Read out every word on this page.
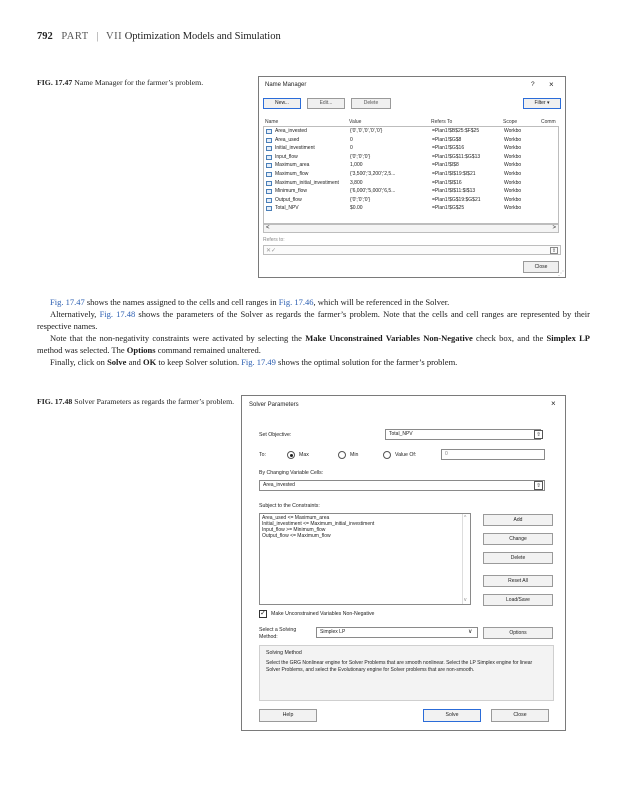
792 PART | VII Optimization Models and Simulation
FIG. 17.47 Name Manager for the farmer’s problem.	Name Manager	? ×
New...	Edit...	Delete	Filter ▾
Name	Value	Refers To	Scope	Comm
Area_invested	{'0','0','0','0','0'}	=Plan1!$B$25:$F$25	Workbo
Area_used	0	=Plan1!$G$8	Workbo
Initial_investiment	0	=Plan1!$G$16	Workbo
Input_flow	{'0';'0';'0'}	=Plan1!$G$11:$G$13	Workbo
Maximum_area	1,000	=Plan1!$I$8	Workbo
Maximum_flow	{'3,500';'3,200';'2,5...	=Plan1!$I$19:$I$21	Workbo
Maximum_initial_investiment	3,800	=Plan1!$I$16	Workbo
Minimum_flow	{'6,000';'5,000';'6,5...	=Plan1!$I$11:$I$13	Workbo
Output_flow	{'0';'0';'0'}	=Plan1!$G$19:$G$21	Workbo
Total_NPV	$0.00	=Plan1!$G$25	Workbo
<	>
Refers to:
✕✓	⇧
Close
⋰
Fig. 17.47 shows the names assigned to the cells and cell ranges in Fig. 17.46, which will be referenced in the Solver.
Alternatively, Fig. 17.48 shows the parameters of the Solver as regards the farmer’s problem. Note that the cells and cell ranges are represented by their respective names.
Note that the non-negativity constraints were activated by selecting the Make Unconstrained Variables Non-Negative check box, and the Simplex LP method was selected. The Options command remained unaltered.
Finally, click on Solve and OK to keep Solver solution. Fig. 17.49 shows the optimal solution for the farmer’s problem.
FIG. 17.48 Solver Parameters as regards the farmer’s problem. Solver Parameters	×
Set Objective:	Total_NPV	⇧
To:	Max	Min	Value Of:	0
By Changing Variable Cells:
Area_invested	⇧
Subject to the Constraints:
Area_used <= Maximum_area
Initial_investiment <= Maximum_initial_investiment
Input_flow >= Minimum_flow
Output_flow <= Maximum_flow
^
v
Add
Change
Delete
Reset All
Load/Save
✓ Make Unconstrained Variables Non-Negative
Select a Solving
Method:
Simplex LP	∨	Options
Solving Method
Select the GRG Nonlinear engine for Solver Problems that are smooth nonlinear. Select the LP Simplex engine for linear Solver Problems, and select the Evolutionary engine for Solver problems that are non-smooth.
Help	Solve	Close
